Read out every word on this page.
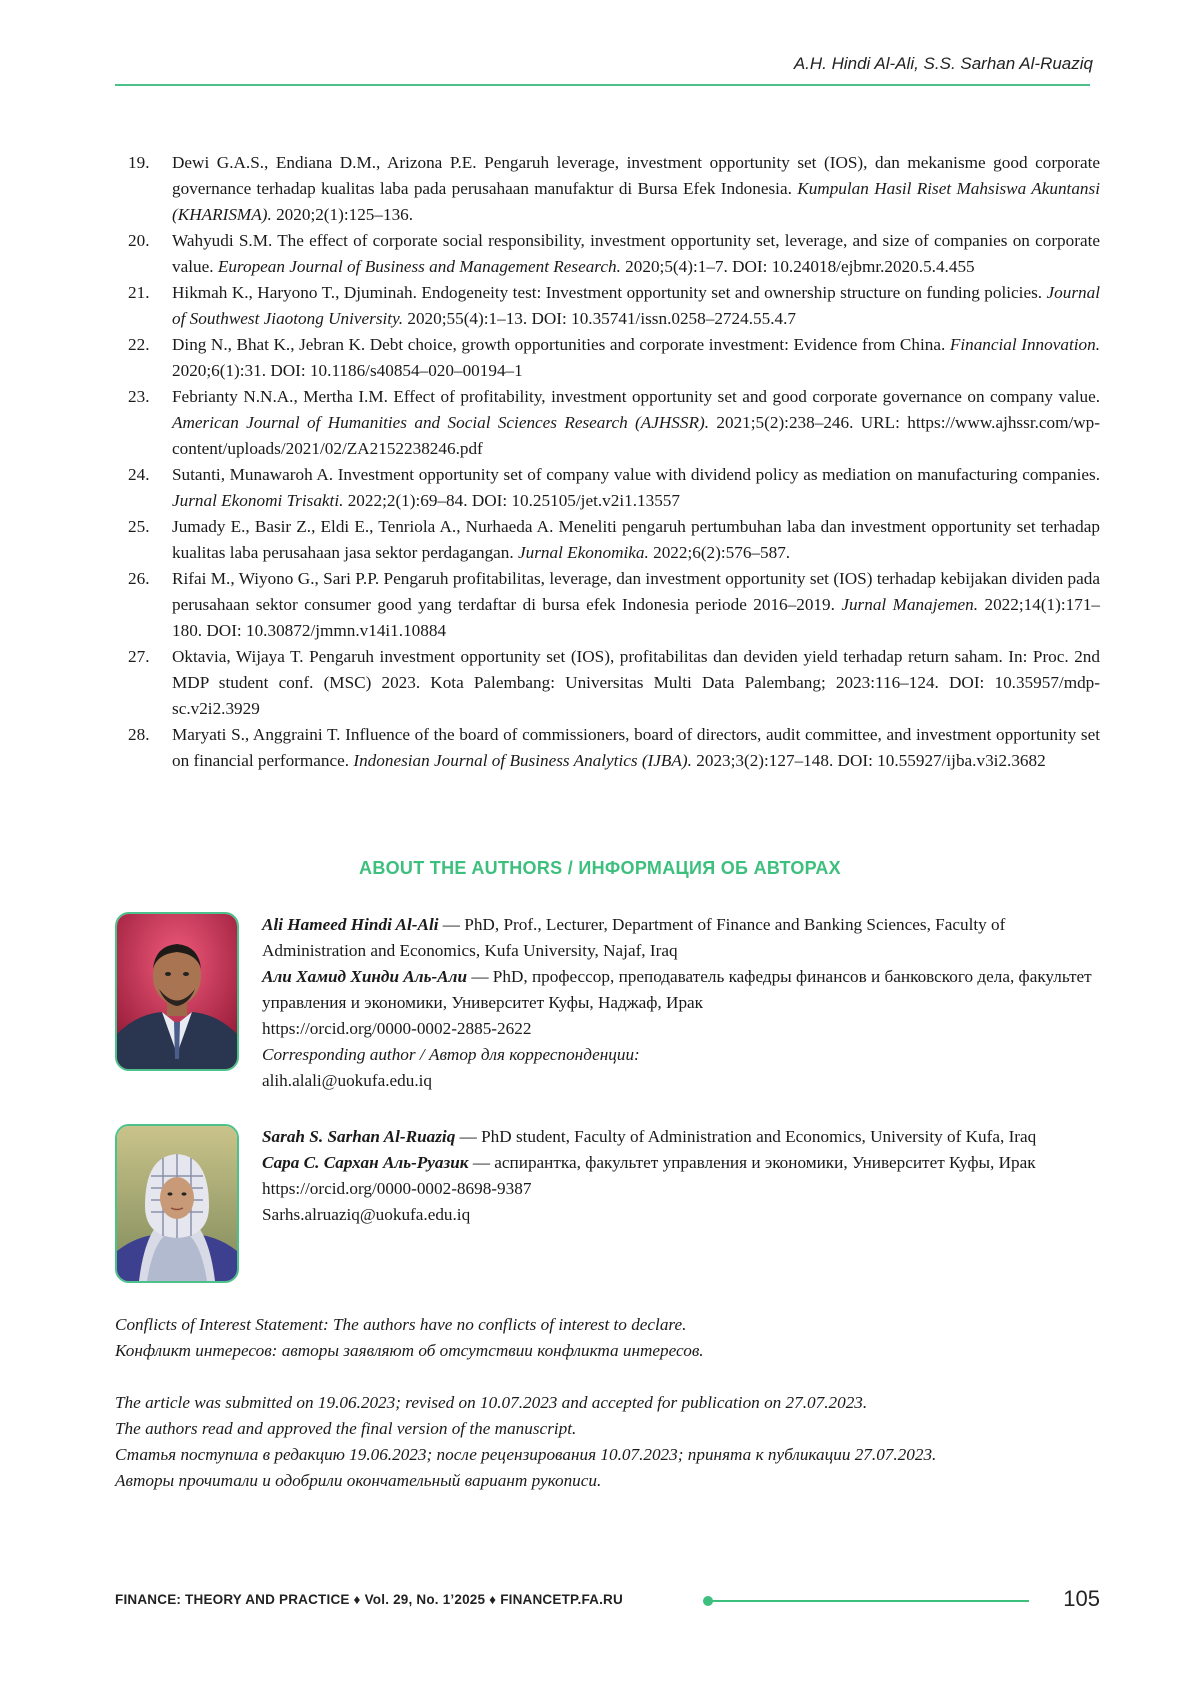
A.H. Hindi Al-Ali, S.S. Sarhan Al-Ruaziq
19. Dewi G.A.S., Endiana D.M., Arizona P.E. Pengaruh leverage, investment opportunity set (IOS), dan mekanisme good corporate governance terhadap kualitas laba pada perusahaan manufaktur di Bursa Efek Indonesia. Kumpulan Hasil Riset Mahsiswa Akuntansi (KHARISMA). 2020;2(1):125–136.
20. Wahyudi S.M. The effect of corporate social responsibility, investment opportunity set, leverage, and size of companies on corporate value. European Journal of Business and Management Research. 2020;5(4):1–7. DOI: 10.24018/ejbmr.2020.5.4.455
21. Hikmah K., Haryono T., Djuminah. Endogeneity test: Investment opportunity set and ownership structure on funding policies. Journal of Southwest Jiaotong University. 2020;55(4):1–13. DOI: 10.35741/issn.0258–2724.55.4.7
22. Ding N., Bhat K., Jebran K. Debt choice, growth opportunities and corporate investment: Evidence from China. Financial Innovation. 2020;6(1):31. DOI: 10.1186/s40854–020–00194–1
23. Febrianty N.N.A., Mertha I.M. Effect of profitability, investment opportunity set and good corporate governance on company value. American Journal of Humanities and Social Sciences Research (AJHSSR). 2021;5(2):238–246. URL: https://www.ajhssr.com/wp-content/uploads/2021/02/ZA2152238246.pdf
24. Sutanti, Munawaroh A. Investment opportunity set of company value with dividend policy as mediation on manufacturing companies. Jurnal Ekonomi Trisakti. 2022;2(1):69–84. DOI: 10.25105/jet.v2i1.13557
25. Jumady E., Basir Z., Eldi E., Tenriola A., Nurhaeda A. Meneliti pengaruh pertumbuhan laba dan investment opportunity set terhadap kualitas laba perusahaan jasa sektor perdagangan. Jurnal Ekonomika. 2022;6(2):576–587.
26. Rifai M., Wiyono G., Sari P.P. Pengaruh profitabilitas, leverage, dan investment opportunity set (IOS) terhadap kebijakan dividen pada perusahaan sektor consumer good yang terdaftar di bursa efek Indonesia periode 2016–2019. Jurnal Manajemen. 2022;14(1):171–180. DOI: 10.30872/jmmn.v14i1.10884
27. Oktavia, Wijaya T. Pengaruh investment opportunity set (IOS), profitabilitas dan deviden yield terhadap return saham. In: Proc. 2nd MDP student conf. (MSC) 2023. Kota Palembang: Universitas Multi Data Palembang; 2023:116–124. DOI: 10.35957/mdp-sc.v2i2.3929
28. Maryati S., Anggraini T. Influence of the board of commissioners, board of directors, audit committee, and investment opportunity set on financial performance. Indonesian Journal of Business Analytics (IJBA). 2023;3(2):127–148. DOI: 10.55927/ijba.v3i2.3682
ABOUT THE AUTHORS / ИНФОРМАЦИЯ ОБ АВТОРАХ

Ali Hameed Hindi Al-Ali — PhD, Prof., Lecturer, Department of Finance and Banking Sciences, Faculty of Administration and Economics, Kufa University, Najaf, Iraq

Али Хамид Хинди Аль-Али — PhD, профессор, преподаватель кафедры финансов и банковского дела, факультет управления и экономики, Университет Куфы, Наджаф, Ирак

https://orcid.org/0000-0002-2885-2622

Corresponding author / Автор для корреспонденции:

alih.alali@uokufa.edu.iq

Sarah S. Sarhan Al-Ruaziq — PhD student, Faculty of Administration and Economics, University of Kufa, Iraq

Сара С. Сархан Аль-Руазик — аспирантка, факультет управления и экономики, Университет Куфы, Ирак

https://orcid.org/0000-0002-8698-9387

Sarhs.alruaziq@uokufa.edu.iq

Conflicts of Interest Statement: The authors have no conflicts of interest to declare.

Конфликт интересов: авторы заявляют об отсутствии конфликта интересов.

The article was submitted on 19.06.2023; revised on 10.07.2023 and accepted for publication on 27.07.2023.

The authors read and approved the final version of the manuscript.

Статья поступила в редакцию 19.06.2023; после рецензирования 10.07.2023; принята к публикации 27.07.2023.

Авторы прочитали и одобрили окончательный вариант рукописи.

FINANCE: THEORY AND PRACTICE ♦ Vol. 29, No. 1’2025 ♦ FINANCETP.FA.RU	105
